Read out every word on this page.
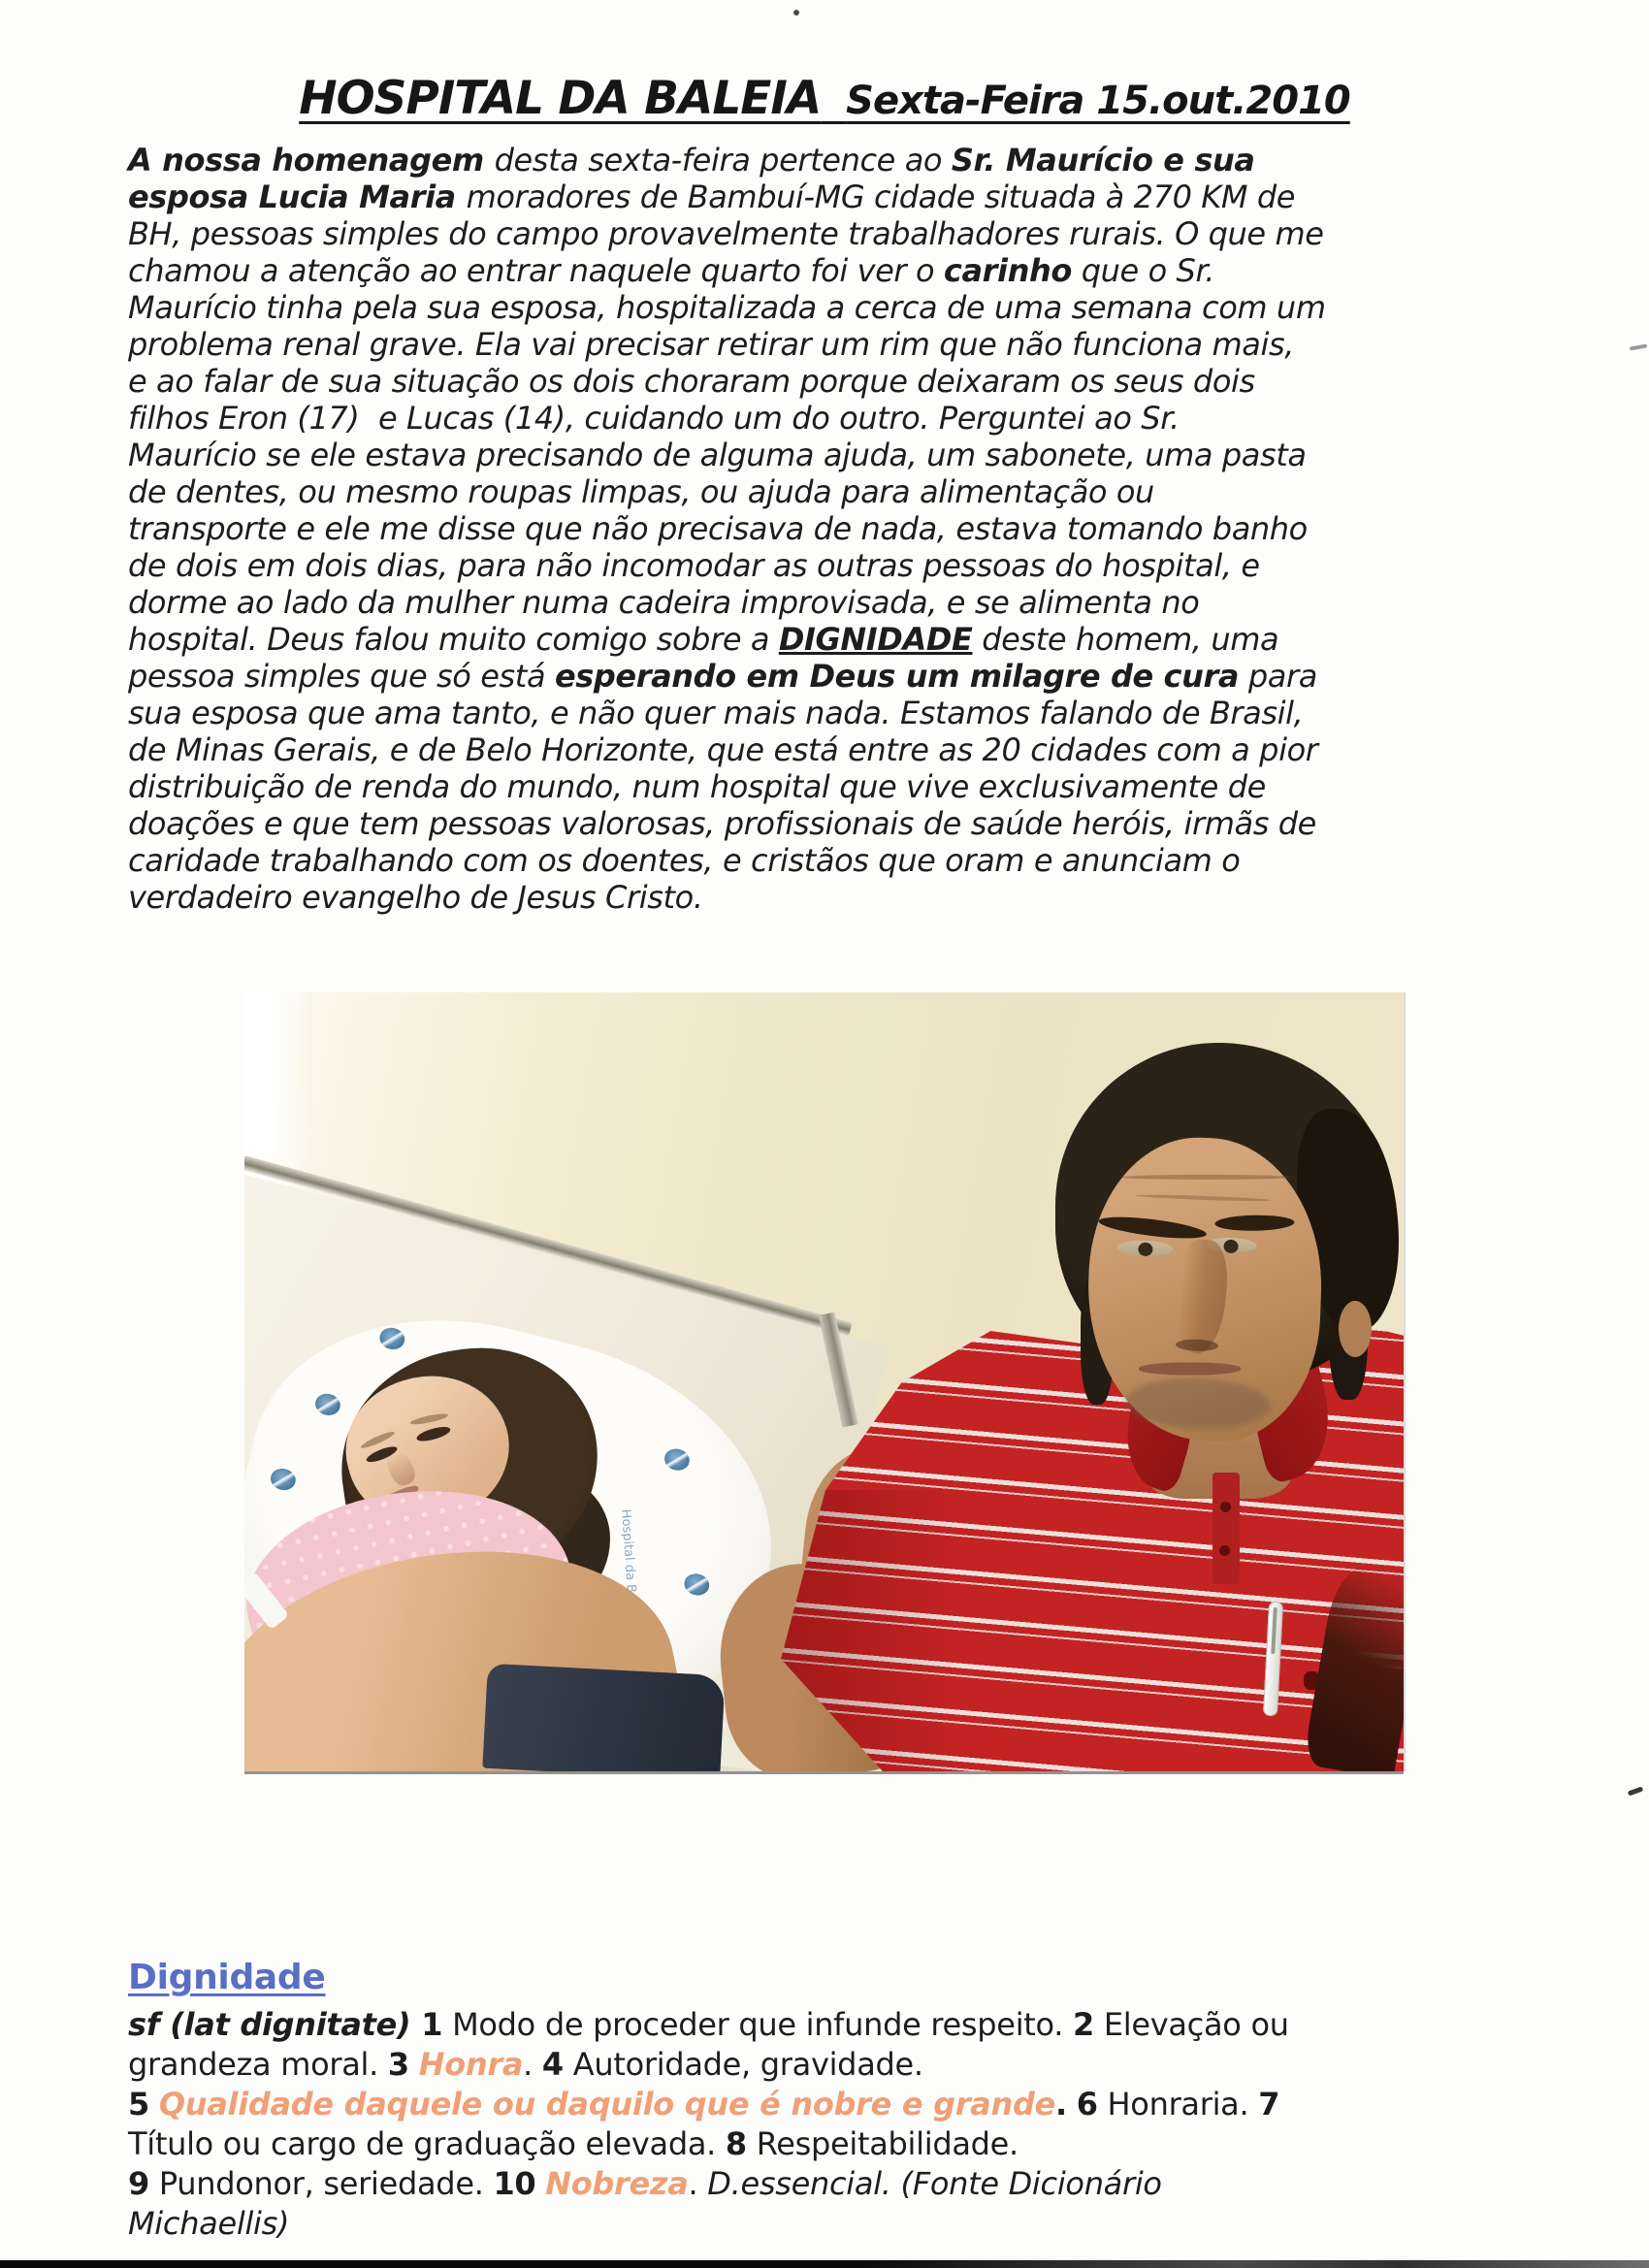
HOSPITAL DA BALEIA Sexta-Feira 15.out.2010
A nossa homenagem desta sexta-feira pertence ao Sr. Maurício e sua
esposa Lucia Maria moradores de Bambuí-MG cidade situada à 270 KM de
BH, pessoas simples do campo provavelmente trabalhadores rurais. O que me
chamou a atenção ao entrar naquele quarto foi ver o carinho que o Sr.
Maurício tinha pela sua esposa, hospitalizada a cerca de uma semana com um
problema renal grave. Ela vai precisar retirar um rim que não funciona mais,
e ao falar de sua situação os dois choraram porque deixaram os seus dois
filhos Eron (17)  e Lucas (14), cuidando um do outro. Perguntei ao Sr.
Maurício se ele estava precisando de alguma ajuda, um sabonete, uma pasta
de dentes, ou mesmo roupas limpas, ou ajuda para alimentação ou
transporte e ele me disse que não precisava de nada, estava tomando banho
de dois em dois dias, para não incomodar as outras pessoas do hospital, e
dorme ao lado da mulher numa cadeira improvisada, e se alimenta no
hospital. Deus falou muito comigo sobre a DIGNIDADE deste homem, uma
pessoa simples que só está esperando em Deus um milagre de cura para
sua esposa que ama tanto, e não quer mais nada. Estamos falando de Brasil,
de Minas Gerais, e de Belo Horizonte, que está entre as 20 cidades com a pior
distribuição de renda do mundo, num hospital que vive exclusivamente de
doações e que tem pessoas valorosas, profissionais de saúde heróis, irmãs de
caridade trabalhando com os doentes, e cristãos que oram e anunciam o
verdadeiro evangelho de Jesus Cristo.
Hospital da Baleia
Dignidade
sf (lat dignitate) 1 Modo de proceder que infunde respeito. 2 Elevação ou
grandeza moral. 3 Honra. 4 Autoridade, gravidade.
5 Qualidade daquele ou daquilo que é nobre e grande. 6 Honraria. 7
Título ou cargo de graduação elevada. 8 Respeitabilidade.
9 Pundonor, seriedade. 10 Nobreza. D.essencial. (Fonte Dicionário
Michaellis)
